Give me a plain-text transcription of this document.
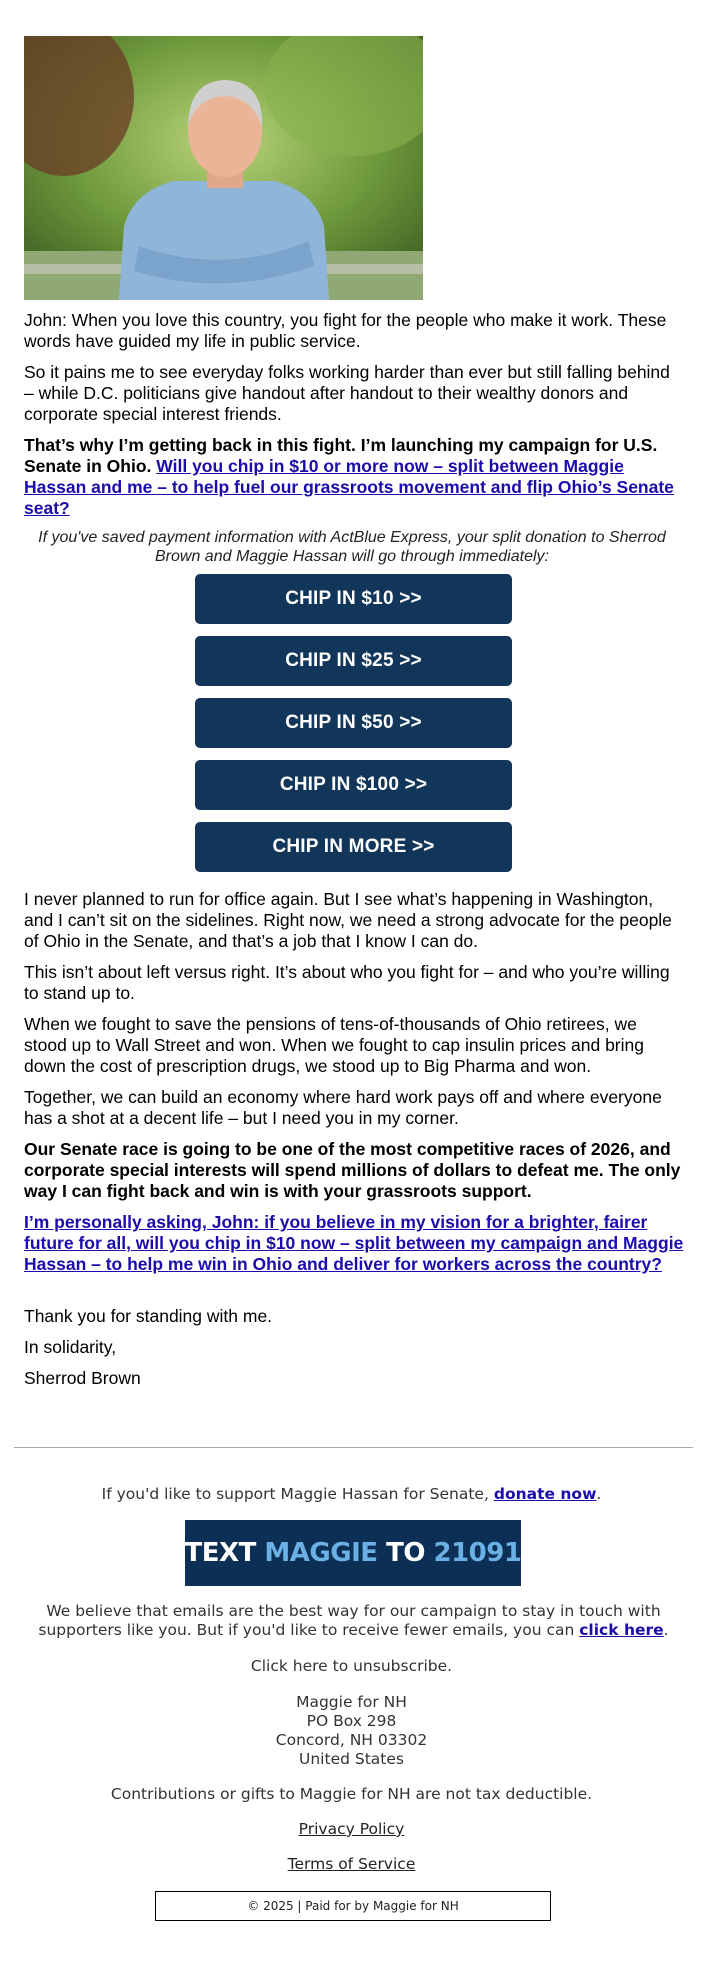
John: When you love this country, you fight for the people who make it work. These words have guided my life in public service.

So it pains me to see everyday folks working harder than ever but still falling behind – while D.C. politicians give handout after handout to their wealthy donors and corporate special interest friends.

That’s why I’m getting back in this fight. I’m launching my campaign for U.S. Senate in Ohio. Will you chip in $10 or more now – split between Maggie Hassan and me – to help fuel our grassroots movement and flip Ohio’s Senate seat?

If you've saved payment information with ActBlue Express, your split donation to Sherrod Brown and Maggie Hassan will go through immediately:
CHIP IN $10 >>
CHIP IN $25 >>
CHIP IN $50 >>
CHIP IN $100 >>
CHIP IN MORE >>

I never planned to run for office again. But I see what’s happening in Washington, and I can’t sit on the sidelines. Right now, we need a strong advocate for the people of Ohio in the Senate, and that’s a job that I know I can do.

This isn’t about left versus right. It’s about who you fight for – and who you’re willing to stand up to.

When we fought to save the pensions of tens-of-thousands of Ohio retirees, we stood up to Wall Street and won. When we fought to cap insulin prices and bring down the cost of prescription drugs, we stood up to Big Pharma and won.

Together, we can build an economy where hard work pays off and where everyone has a shot at a decent life – but I need you in my corner.

Our Senate race is going to be one of the most competitive races of 2026, and corporate special interests will spend millions of dollars to defeat me. The only way I can fight back and win is with your grassroots support.

I’m personally asking, John: if you believe in my vision for a brighter, fairer future for all, will you chip in $10 now – split between my campaign and Maggie Hassan – to help me win in Ohio and deliver for workers across the country?

Thank you for standing with me.

In solidarity,

Sherrod Brown

If you'd like to support Maggie Hassan for Senate, donate now.
TEXT
MAGGIE
TO
21091
We believe that emails are the best way for our campaign to stay in touch with supporters like you. But if you'd like to receive fewer emails, you can click here.
Click here to unsubscribe.
Maggie for NH
PO Box 298
Concord, NH 03302
United States
Contributions or gifts to Maggie for NH are not tax deductible.
Privacy Policy
Terms of Service
© 2025 | Paid for by Maggie for NH
